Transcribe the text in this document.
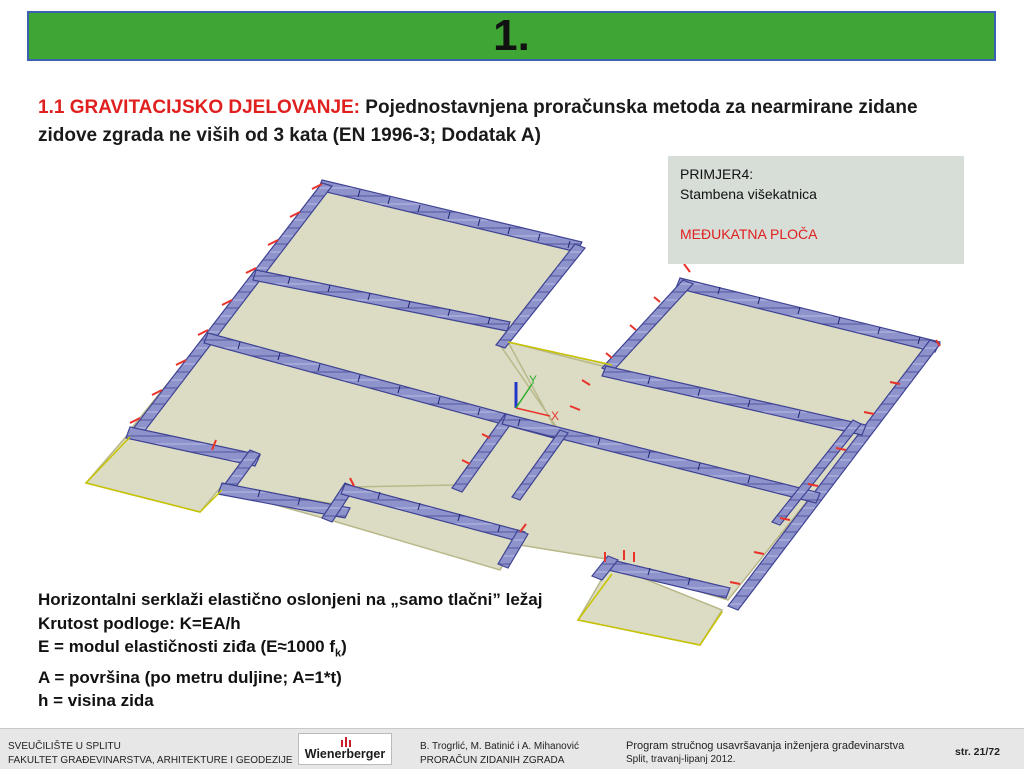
1.
1.1 GRAVITACIJSKO DJELOVANJE: Pojednostavnjena proračunska metoda za nearmirane zidane zidove zgrada ne viših od 3 kata (EN 1996-3; Dodatak A)
X
Y
PRIMJER4:
Stambena višekatnica
MEĐUKATNA PLOČA
Horizontalni serklaži elastično oslonjeni na „samo tlačni” ležaj
Krutost podloge: K=EA/h
E = modul elastičnosti ziđa (E≈1000 $f_k$)
A = površina (po metru duljine; A=1*t)
h = visina zida
SVEUČILIŠTE U SPLITU
FAKULTET GRAĐEVINARSTVA, ARHITEKTURE I GEODEZIJE Wienerberger
B. Trogrlić, M. Batinić i A. Mihanović
PRORAČUN ZIDANIH ZGRADA
Program stručnog usavršavanja inženjera građevinarstva
Split, travanj-lipanj 2012.
str. 21/72
